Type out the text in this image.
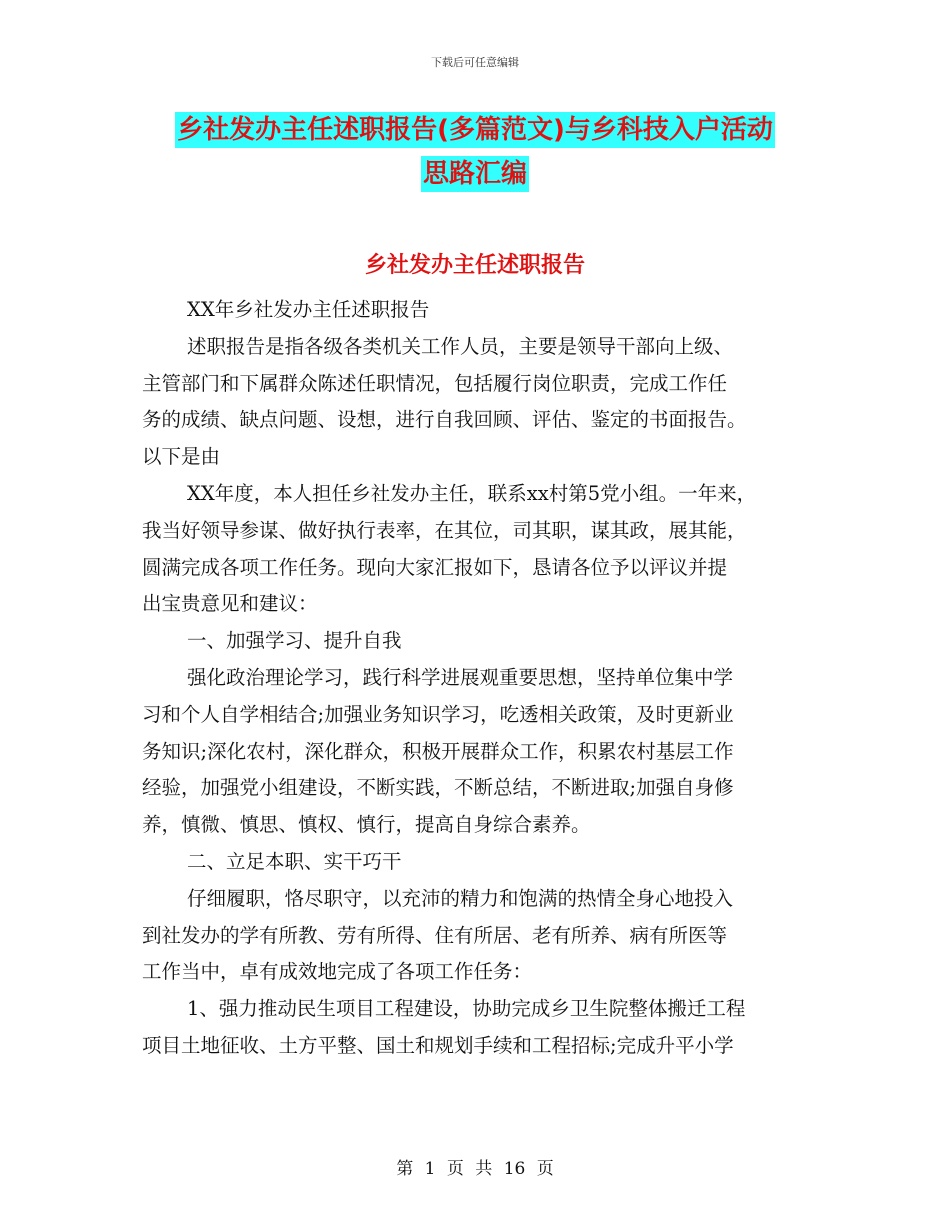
下载后可任意编辑
乡社发办主任述职报告(多篇范文)与乡科技入户活动
思路汇编
乡社发办主任述职报告
XX年乡社发办主任述职报告
述职报告是指各级各类机关工作人员，主要是领导干部向上级、
主管部门和下属群众陈述任职情况，包括履行岗位职责，完成工作任
务的成绩、缺点问题、设想，进行自我回顾、评估、鉴定的书面报告。
以下是由
XX年度，本人担任乡社发办主任，联系xx村第5党小组。一年来，
我当好领导参谋、做好执行表率，在其位，司其职，谋其政，展其能，
圆满完成各项工作任务。现向大家汇报如下，恳请各位予以评议并提
出宝贵意见和建议：
一、加强学习、提升自我
强化政治理论学习，践行科学进展观重要思想，坚持单位集中学
习和个人自学相结合;加强业务知识学习，吃透相关政策，及时更新业
务知识;深化农村，深化群众，积极开展群众工作，积累农村基层工作
经验，加强党小组建设，不断实践，不断总结，不断进取;加强自身修
养，慎微、慎思、慎权、慎行，提高自身综合素养。
二、立足本职、实干巧干
仔细履职，恪尽职守，以充沛的精力和饱满的热情全身心地投入
到社发办的学有所教、劳有所得、住有所居、老有所养、病有所医等
工作当中，卓有成效地完成了各项工作任务：
1、强力推动民生项目工程建设，协助完成乡卫生院整体搬迁工程
项目土地征收、土方平整、国土和规划手续和工程招标;完成升平小学
第 1 页 共 16 页
